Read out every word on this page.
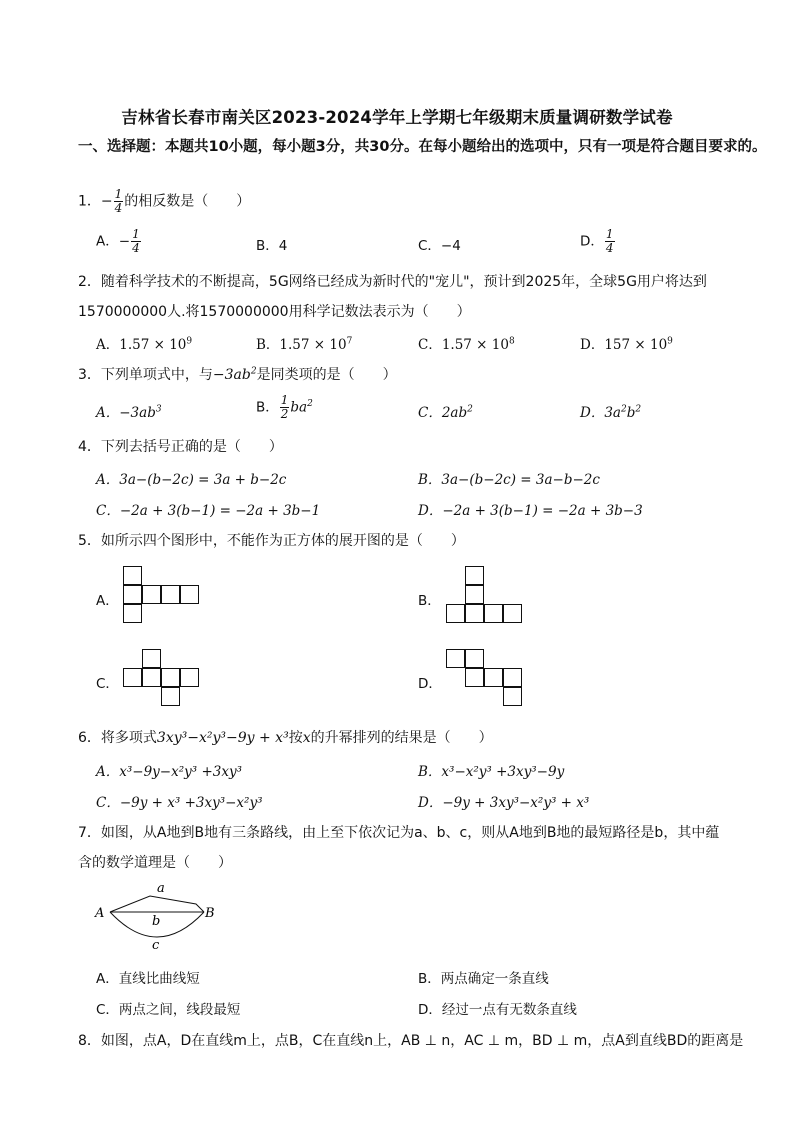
吉林省长春市南关区2023-2024学年上学期七年级期末质量调研数学试卷
一、选择题：本题共10小题，每小题3分，共30分。在每小题给出的选项中，只有一项是符合题目要求的。
1．− $\frac{1}{4}$ 的相反数是（　　）
A．− $\frac{1}{4}$	B．4	C．−4	D． $\frac{1}{4}$
2．随着科学技术的不断提高，5G网络已经成为新时代的"宠儿"，预计到2025年，全球5G用户将达到
1570000000人.将1570000000用科学记数法表示为（　　）
A．$1.57 \times 10^9$	B．$1.57 \times 10^7$	C．$1.57 \times 10^8$	D．$157 \times 10^9$
3．下列单项式中，与$-3ab^2$是同类项的是（　　）
A．$-3ab^3$	B． $\frac{1}{2} ba^2$
C．$2ab^2$	D．$3a^2b^2$
4．下列去括号正确的是（　　）
A．3a−(b−2c) = 3a + b−2c	B．3a−(b−2c) = 3a−b−2c
C．−2a + 3(b−1) = −2a + 3b−1	D．−2a + 3(b−1) = −2a + 3b−3
5．如所示四个图形中，不能作为正方体的展开图的是（　　）
A．	B．
C．	D．
6．将多项式3xy³−x²y³−9y + x³按x的升幂排列的结果是（　　）
A．x³−9y−x²y³ +3xy³	B．x³−x²y³ +3xy³−9y
C．−9y + x³ +3xy³−x²y³	D．−9y + 3xy³−x²y³ + x³
7．如图，从A地到B地有三条路线，由上至下依次记为a、b、c，则从A地到B地的最短路径是b，其中蕴
含的数学道理是（　　）
A	B
a
b
c
A．直线比曲线短	B．两点确定一条直线
C．两点之间，线段最短	D．经过一点有无数条直线
8．如图，点A，D在直线m上，点B，C在直线n上，AB ⊥ n，AC ⊥ m，BD ⊥ m，点A到直线BD的距离是
